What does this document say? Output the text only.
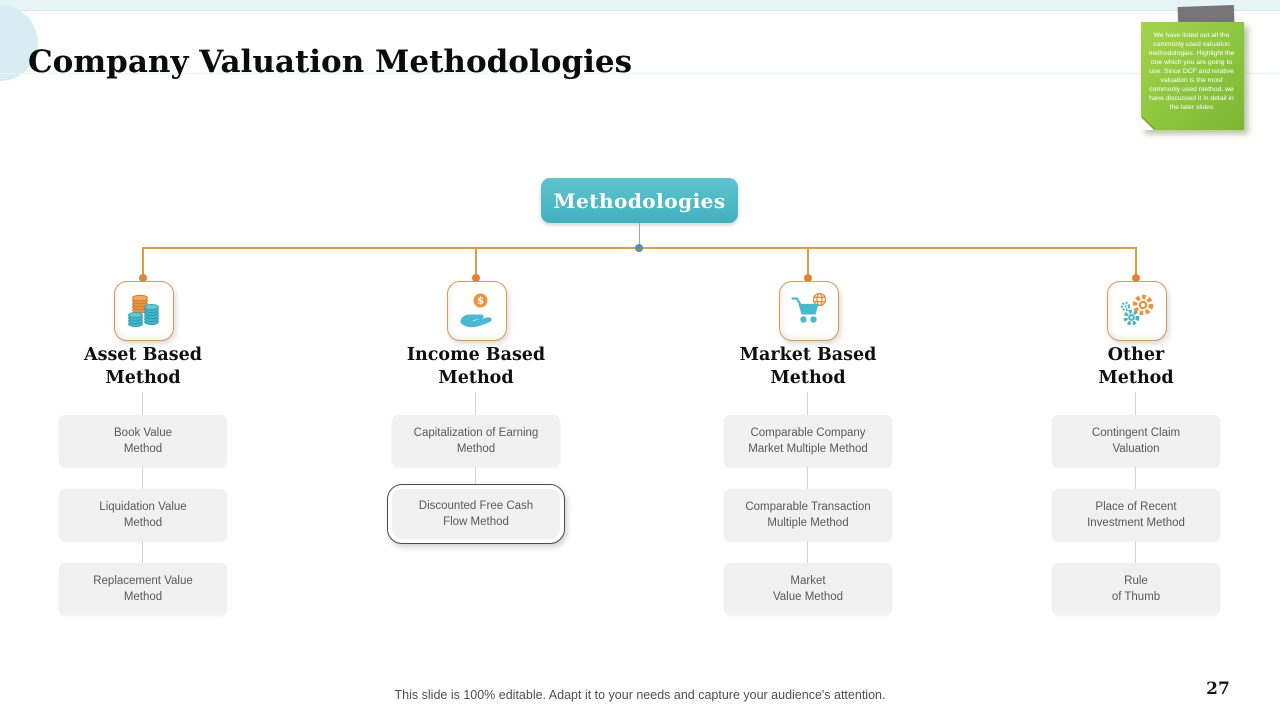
Company Valuation Methodologies
We have listed out all the commonly used valuation methodologies. Highlight the one which you are going to use. Since DCF and relative valuation is the most commonly used method, we have discussed it in detail in the later slides
Methodologies
Asset Based
Method
Book Value
Method
Liquidation Value
Method
Replacement Value
Method
$
Income Based
Method
Capitalization of Earning
Method
Discounted Free Cash
Flow Method
Market Based
Method
Comparable Company
Market Multiple Method
Comparable Transaction
Multiple Method
Market
Value Method
Other
Method
Contingent Claim
Valuation
Place of Recent
Investment Method
Rule
of Thumb
This slide is 100% editable. Adapt it to your needs and capture your audience's attention.	27
